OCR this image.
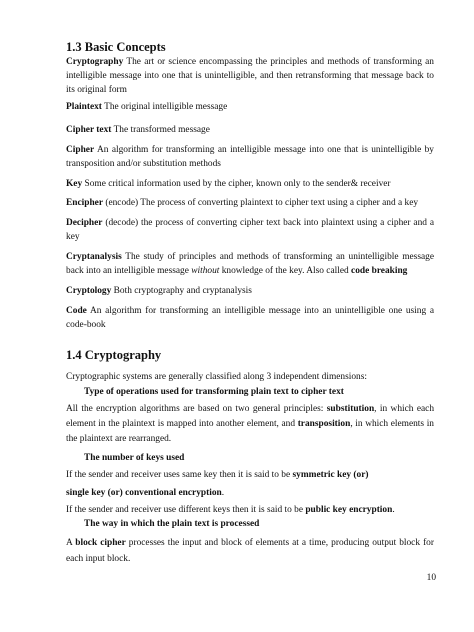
1.3 Basic Concepts

Cryptography The art or science encompassing the principles and methods of transforming an intelligible message into one that is unintelligible, and then retransforming that message back to its original form

Plaintext The original intelligible message

Cipher text The transformed message

Cipher An algorithm for transforming an intelligible message into one that is unintelligible by transposition and/or substitution methods

Key Some critical information used by the cipher, known only to the sender& receiver

Encipher (encode) The process of converting plaintext to cipher text using a cipher and a key

Decipher (decode) the process of converting cipher text back into plaintext using a cipher and a key

Cryptanalysis The study of principles and methods of transforming an unintelligible message back into an intelligible message without knowledge of the key. Also called code breaking

Cryptology Both cryptography and cryptanalysis

Code An algorithm for transforming an intelligible message into an unintelligible one using a code-book

1.4 Cryptography

Cryptographic systems are generally classified along 3 independent dimensions:

Type of operations used for transforming plain text to cipher text

All the encryption algorithms are based on two general principles: substitution, in which each element in the plaintext is mapped into another element, and transposition, in which elements in the plaintext are rearranged.

The number of keys used

If the sender and receiver uses same key then it is said to be symmetric key (or)

single key (or) conventional encryption.

If the sender and receiver use different keys then it is said to be public key encryption.

The way in which the plain text is processed

A block cipher processes the input and block of elements at a time, producing output block for each input block.

10
